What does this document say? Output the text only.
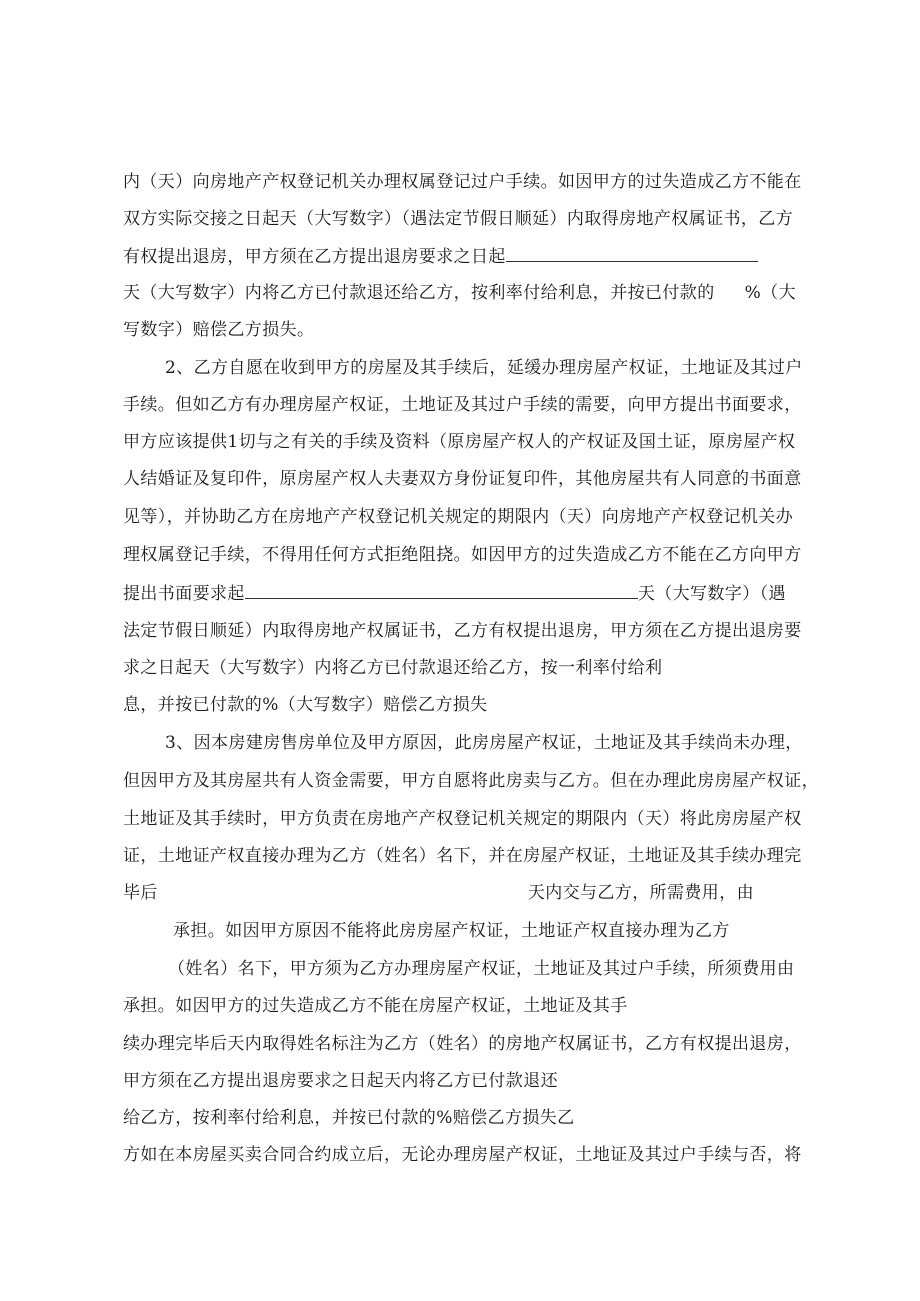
内（天）向房地产产权登记机关办理权属登记过户手续。如因甲方的过失造成乙方不能在
双方实际交接之日起天（大写数字）（遇法定节假日顺延）内取得房地产权属证书，乙方
有权提出退房，甲方须在乙方提出退房要求之日起
天（大写数字）内将乙方已付款退还给乙方，按利率付给利息，并按已付款的 %（大
写数字）赔偿乙方损失。
2、乙方自愿在收到甲方的房屋及其手续后，延缓办理房屋产权证，土地证及其过户
手续。但如乙方有办理房屋产权证，土地证及其过户手续的需要，向甲方提出书面要求，
甲方应该提供1切与之有关的手续及资料（原房屋产权人的产权证及国土证，原房屋产权
人结婚证及复印件，原房屋产权人夫妻双方身份证复印件，其他房屋共有人同意的书面意
见等），并协助乙方在房地产产权登记机关规定的期限内（天）向房地产产权登记机关办
理权属登记手续，不得用任何方式拒绝阻挠。如因甲方的过失造成乙方不能在乙方向甲方
提出书面要求起	天（大写数字）（遇
法定节假日顺延）内取得房地产权属证书，乙方有权提出退房，甲方须在乙方提出退房要
求之日起天（大写数字）内将乙方已付款退还给乙方，按一利率付给利
息，并按已付款的%（大写数字）赔偿乙方损失
3、因本房建房售房单位及甲方原因，此房房屋产权证，土地证及其手续尚未办理，
但因甲方及其房屋共有人资金需要，甲方自愿将此房卖与乙方。但在办理此房房屋产权证，
土地证及其手续时，甲方负责在房地产产权登记机关规定的期限内（天）将此房房屋产权
证，土地证产权直接办理为乙方（姓名）名下，并在房屋产权证，土地证及其手续办理完
毕后	天内交与乙方，所需费用，由
承担。如因甲方原因不能将此房房屋产权证，土地证产权直接办理为乙方
（姓名）名下，甲方须为乙方办理房屋产权证，土地证及其过户手续，所须费用由
承担。如因甲方的过失造成乙方不能在房屋产权证，土地证及其手
续办理完毕后天内取得姓名标注为乙方（姓名）的房地产权属证书，乙方有权提出退房，
甲方须在乙方提出退房要求之日起天内将乙方已付款退还
给乙方，按利率付给利息，并按已付款的%赔偿乙方损失乙
方如在本房屋买卖合同合约成立后，无论办理房屋产权证，土地证及其过户手续与否，将
